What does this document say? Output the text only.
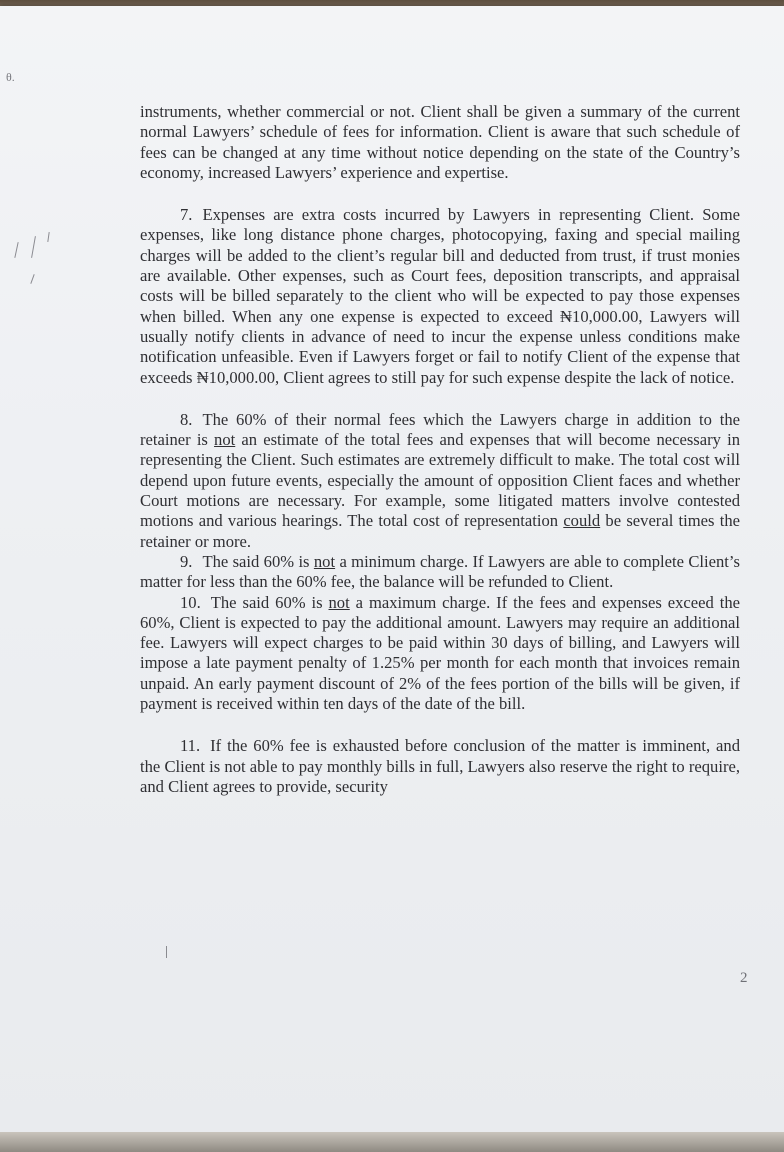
θ.

instruments, whether commercial or not. Client shall be given a summary of the current normal Lawyers’ schedule of fees for information. Client is aware that such schedule of fees can be changed at any time without notice depending on the state of the Country’s economy, increased Lawyers’ experience and expertise.

7. Expenses are extra costs incurred by Lawyers in representing Client. Some expenses, like long distance phone charges, photocopying, faxing and special mailing charges will be added to the client’s regular bill and deducted from trust, if trust monies are available. Other expenses, such as Court fees, deposition transcripts, and appraisal costs will be billed separately to the client who will be expected to pay those expenses when billed. When any one expense is expected to exceed ₦10,000.00, Lawyers will usually notify clients in advance of need to incur the expense unless conditions make notification unfeasible. Even if Lawyers forget or fail to notify Client of the expense that exceeds ₦10,000.00, Client agrees to still pay for such expense despite the lack of notice.

8. The 60% of their normal fees which the Lawyers charge in addition to the retainer is not an estimate of the total fees and expenses that will become necessary in representing the Client. Such estimates are extremely difficult to make. The total cost will depend upon future events, especially the amount of opposition Client faces and whether Court motions are necessary. For example, some litigated matters involve contested motions and various hearings. The total cost of representation could be several times the retainer or more.

9. The said 60% is not a minimum charge. If Lawyers are able to complete Client’s matter for less than the 60% fee, the balance will be refunded to Client.

10. The said 60% is not a maximum charge. If the fees and expenses exceed the 60%, Client is expected to pay the additional amount. Lawyers may require an additional fee. Lawyers will expect charges to be paid within 30 days of billing, and Lawyers will impose a late payment penalty of 1.25% per month for each month that invoices remain unpaid. An early payment discount of 2% of the fees portion of the bills will be given, if payment is received within ten days of the date of the bill.

11. If the 60% fee is exhausted before conclusion of the matter is imminent, and the Client is not able to pay monthly bills in full, Lawyers also reserve the right to require, and Client agrees to provide, security

2
